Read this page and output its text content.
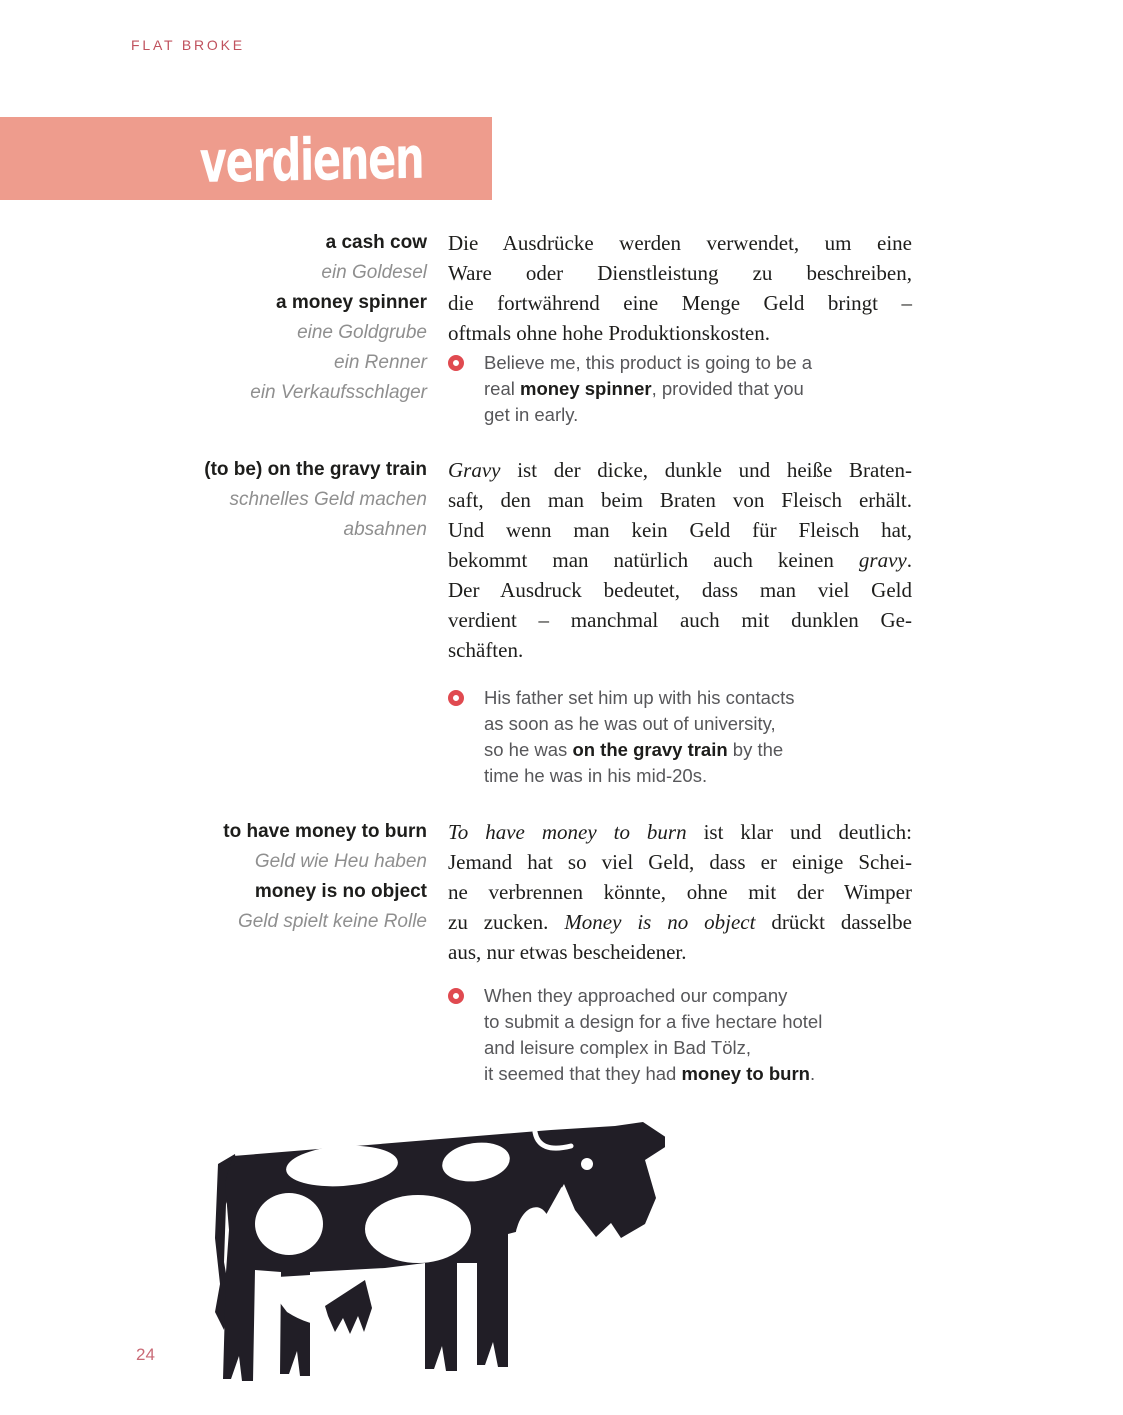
FLAT BROKE
verdienen
a cash cow
ein Goldesel
a money spinner
eine Goldgrube
ein Renner
ein Verkaufsschlager
Die Ausdrücke werden verwendet, um eine
Ware oder Dienstleistung zu beschreiben,
die fortwährend eine Menge Geld bringt –
oftmals ohne hohe Produktionskosten.
Believe me, this product is going to be a
real money spinner, provided that you
get in early.
(to be) on the gravy train
schnelles Geld machen
absahnen
Gravy ist der dicke, dunkle und heiße Braten-
saft, den man beim Braten von Fleisch erhält.
Und wenn man kein Geld für Fleisch hat,
bekommt man natürlich auch keinen gravy.
Der Ausdruck bedeutet, dass man viel Geld
verdient – manchmal auch mit dunklen Ge-
schäften.
His father set him up with his contacts
as soon as he was out of university,
so he was on the gravy train by the
time he was in his mid-20s.
to have money to burn
Geld wie Heu haben
money is no object
Geld spielt keine Rolle
To have money to burn ist klar und deutlich:
Jemand hat so viel Geld, dass er einige Schei-
ne verbrennen könnte, ohne mit der Wimper
zu zucken. Money is no object drückt dasselbe
aus, nur etwas bescheidener.
When they approached our company
to submit a design for a five hectare hotel
and leisure complex in Bad Tölz,
it seemed that they had money to burn.
24
